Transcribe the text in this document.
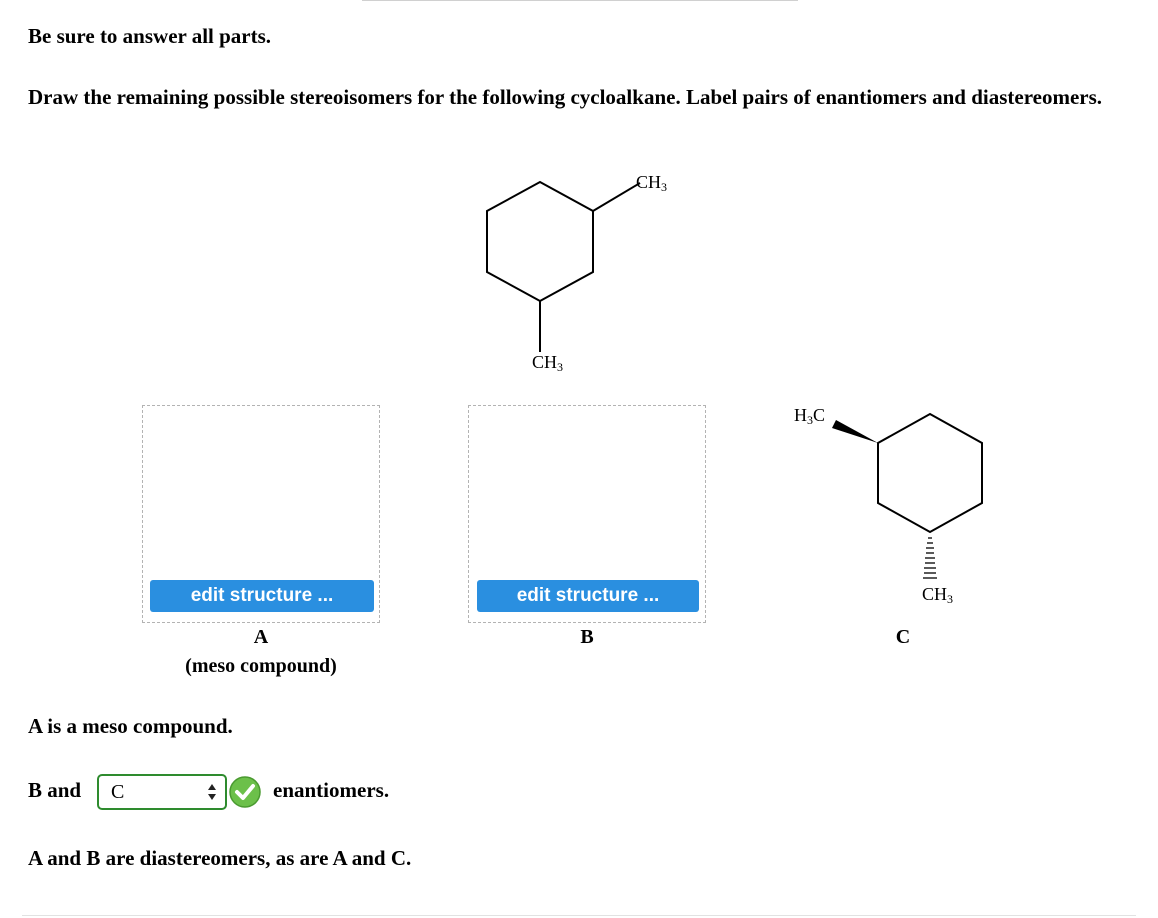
Be sure to answer all parts.
Draw the remaining possible stereoisomers for the following cycloalkane. Label pairs of enantiomers and diastereomers.
$CH_3$
$CH_3$
$H_3C$
$CH_3$
edit structure ...
A
(meso compound)
edit structure ...
B	C
A is a meso compound.
B and C	enantiomers.
A and B are diastereomers, as are A and C.
